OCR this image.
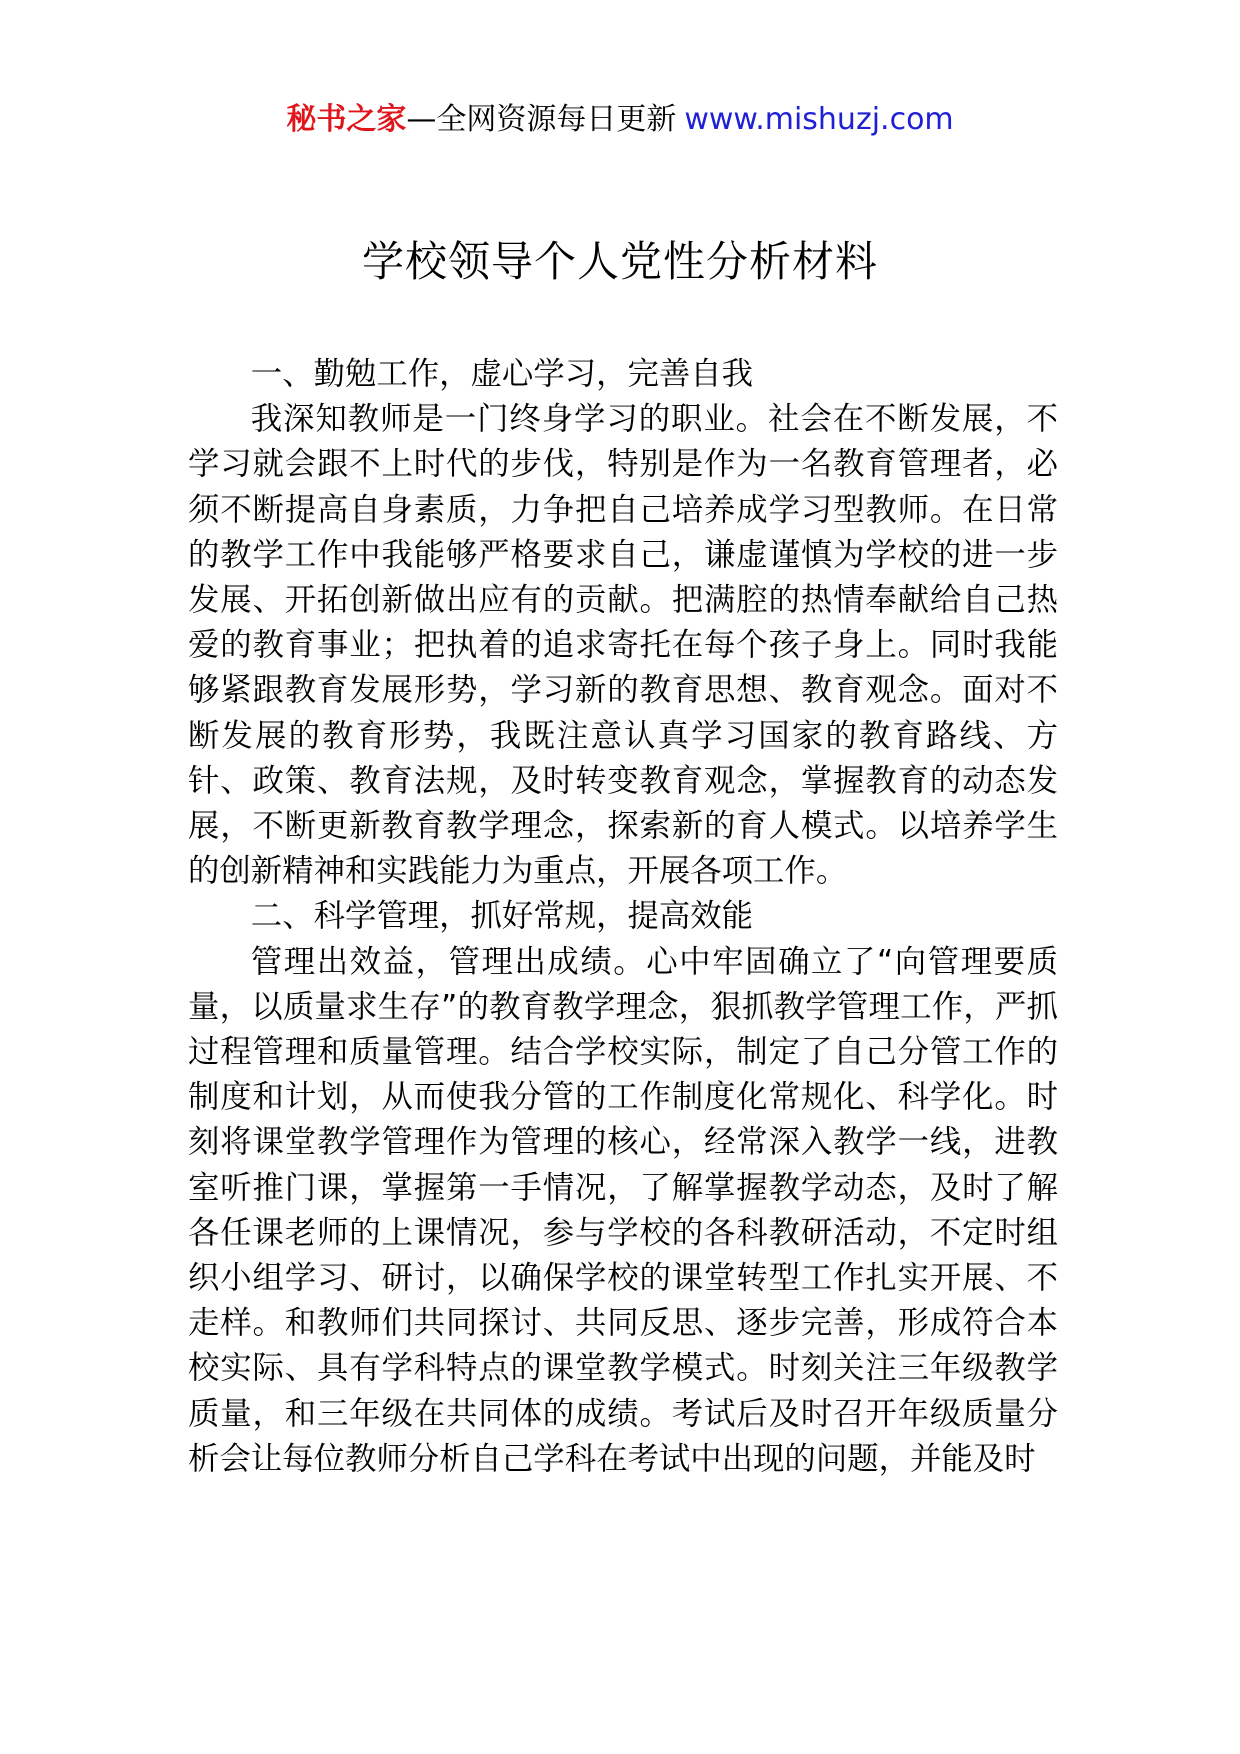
秘书之家—全网资源每日更新 www.mishuzj.com
学校领导个人党性分析材料

一、勤勉工作，虚心学习，完善自我

我深知教师是一门终身学习的职业。社会在不断发展，不学习就会跟不上时代的步伐，特别是作为一名教育管理者，必须不断提高自身素质，力争把自己培养成学习型教师。在日常的教学工作中我能够严格要求自己，谦虚谨慎为学校的进一步发展、开拓创新做出应有的贡献。把满腔的热情奉献给自己热爱的教育事业；把执着的追求寄托在每个孩子身上。同时我能够紧跟教育发展形势，学习新的教育思想、教育观念。面对不断发展的教育形势，我既注意认真学习国家的教育路线、方针、政策、教育法规，及时转变教育观念，掌握教育的动态发展，不断更新教育教学理念，探索新的育人模式。以培养学生的创新精神和实践能力为重点，开展各项工作。

二、科学管理，抓好常规，提高效能

管理出效益，管理出成绩。心中牢固确立了“向管理要质量，以质量求生存”的教育教学理念，狠抓教学管理工作，严抓过程管理和质量管理。结合学校实际，制定了自己分管工作的制度和计划，从而使我分管的工作制度化常规化、科学化。时刻将课堂教学管理作为管理的核心，经常深入教学一线，进教室听推门课，掌握第一手情况，了解掌握教学动态，及时了解各任课老师的上课情况，参与学校的各科教研活动，不定时组织小组学习、研讨，以确保学校的课堂转型工作扎实开展、不走样。和教师们共同探讨、共同反思、逐步完善，形成符合本校实际、具有学科特点的课堂教学模式。时刻关注三年级教学质量，和三年级在共同体的成绩。考试后及时召开年级质量分析会让每位教师分析自己学科在考试中出现的问题，并能及时
